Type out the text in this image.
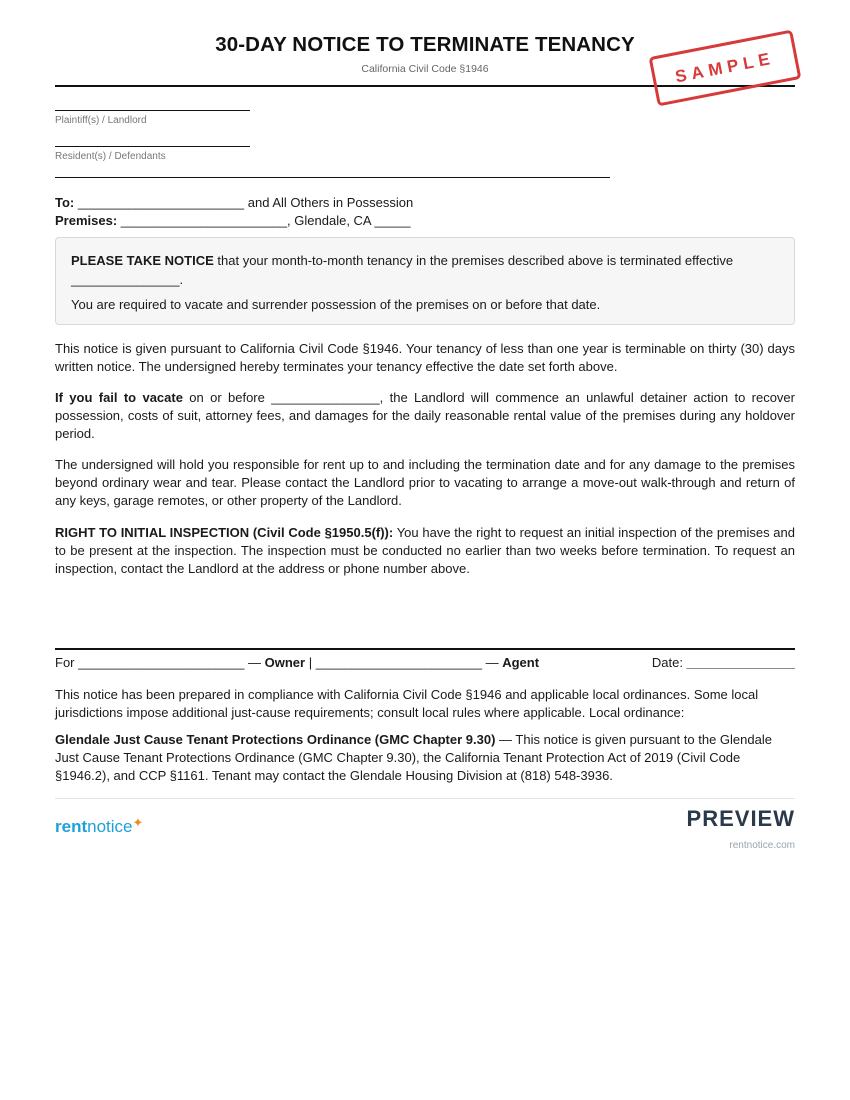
30-DAY NOTICE TO TERMINATE TENANCY
California Civil Code §1946	SAMPLE
Plaintiff(s) / Landlord
Resident(s) / Defendants
To: _______________________ and All Others in Possession
Premises: _______________________, Glendale, CA _____
PLEASE TAKE NOTICE that your month-to-month tenancy in the premises described above is terminated effective _______________.
You are required to vacate and surrender possession of the premises on or before that date.
This notice is given pursuant to California Civil Code §1946. Your tenancy of less than one year is terminable on thirty (30) days written notice. The undersigned hereby terminates your tenancy effective the date set forth above.
If you fail to vacate on or before _______________, the Landlord will commence an unlawful detainer action to recover possession, costs of suit, attorney fees, and damages for the daily reasonable rental value of the premises during any holdover period.
The undersigned will hold you responsible for rent up to and including the termination date and for any damage to the premises beyond ordinary wear and tear. Please contact the Landlord prior to vacating to arrange a move-out walk-through and return of any keys, garage remotes, or other property of the Landlord.
RIGHT TO INITIAL INSPECTION (Civil Code §1950.5(f)): You have the right to request an initial inspection of the premises and to be present at the inspection. The inspection must be conducted no earlier than two weeks before termination. To request an inspection, contact the Landlord at the address or phone number above.
For _______________________ — Owner | _______________________ — Agent	Date: _______________
This notice has been prepared in compliance with California Civil Code §1946 and applicable local ordinances. Some local jurisdictions impose additional just-cause requirements; consult local rules where applicable. Local ordinance:
Glendale Just Cause Tenant Protections Ordinance (GMC Chapter 9.30) — This notice is given pursuant to the Glendale Just Cause Tenant Protections Ordinance (GMC Chapter 9.30), the California Tenant Protection Act of 2019 (Civil Code §1946.2), and CCP §1161. Tenant may contact the Glendale Housing Division at (818) 548-3936.
rentnotice✦	PREVIEW
rentnotice.com
